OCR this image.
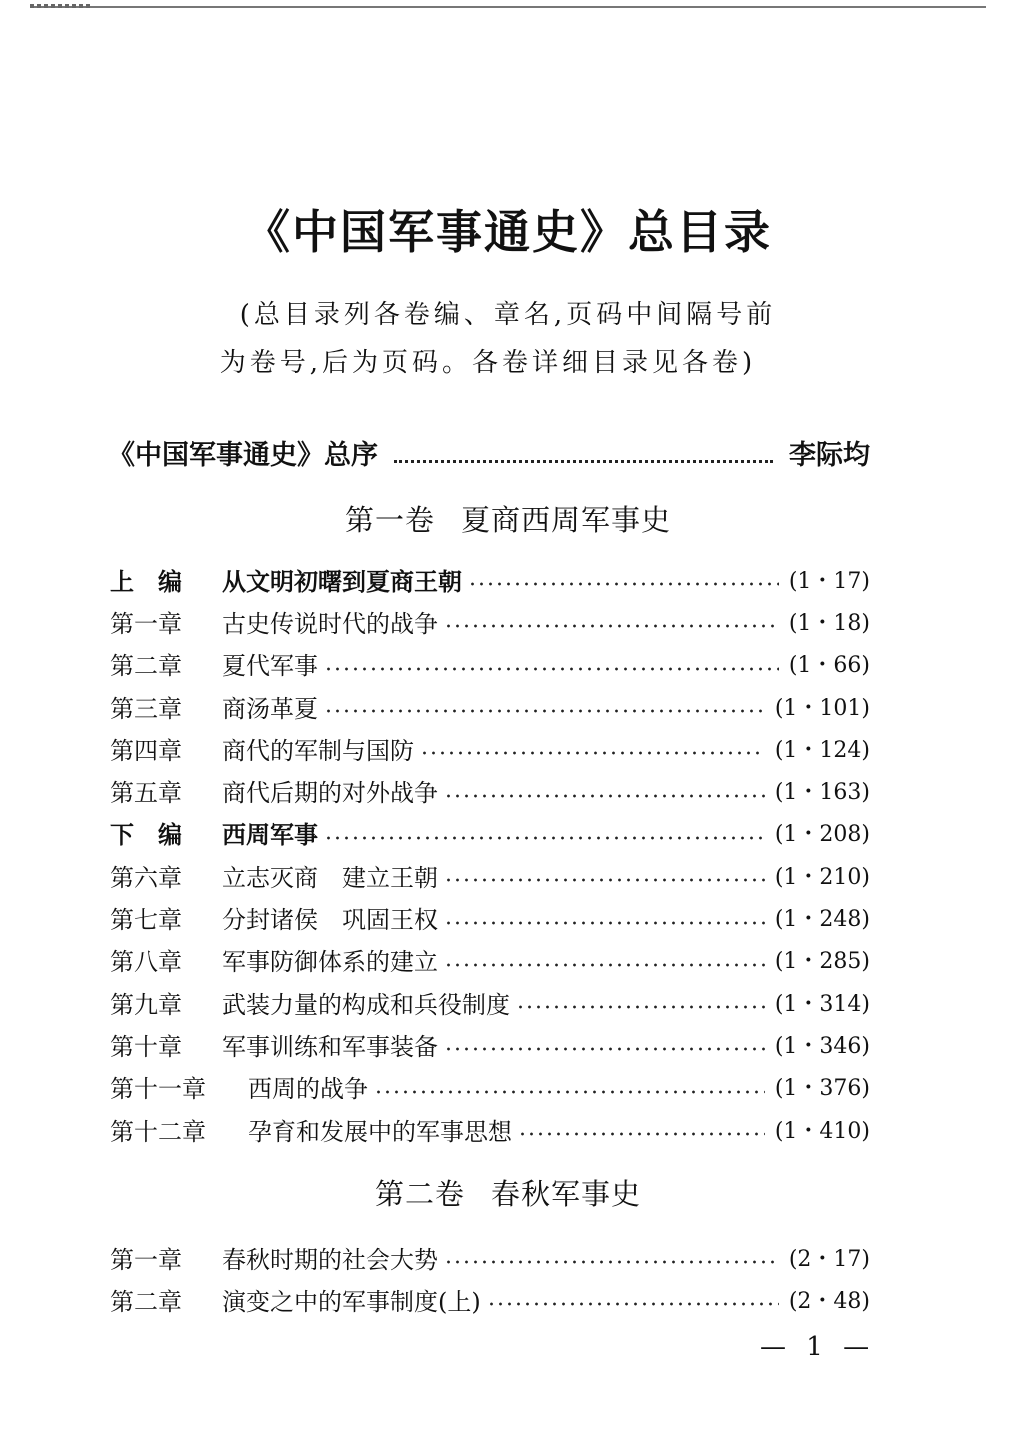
《中国军事通史》总目录
(总目录列各卷编、章名,页码中间隔号前
为卷号,后为页码。各卷详细目录见各卷)
《中国军事通史》总序	李际均
第一卷 夏商西周军事史
上　编	从文明初曙到夏商王朝	(1・17)
第一章	古史传说时代的战争	(1・18)
第二章	夏代军事	(1・66)
第三章	商汤革夏	(1・101)
第四章	商代的军制与国防	(1・124)
第五章	商代后期的对外战争	(1・163)
下　编	西周军事	(1・208)
第六章	立志灭商　建立王朝	(1・210)
第七章	分封诸侯　巩固王权	(1・248)
第八章	军事防御体系的建立	(1・285)
第九章	武装力量的构成和兵役制度	(1・314)
第十章	军事训练和军事装备	(1・346)
第十一章	西周的战争	(1・376)
第十二章	孕育和发展中的军事思想	(1・410)
第二卷 春秋军事史
第一章	春秋时期的社会大势	(2・17)
第二章	演变之中的军事制度(上)	(2・48)
— 1 —
